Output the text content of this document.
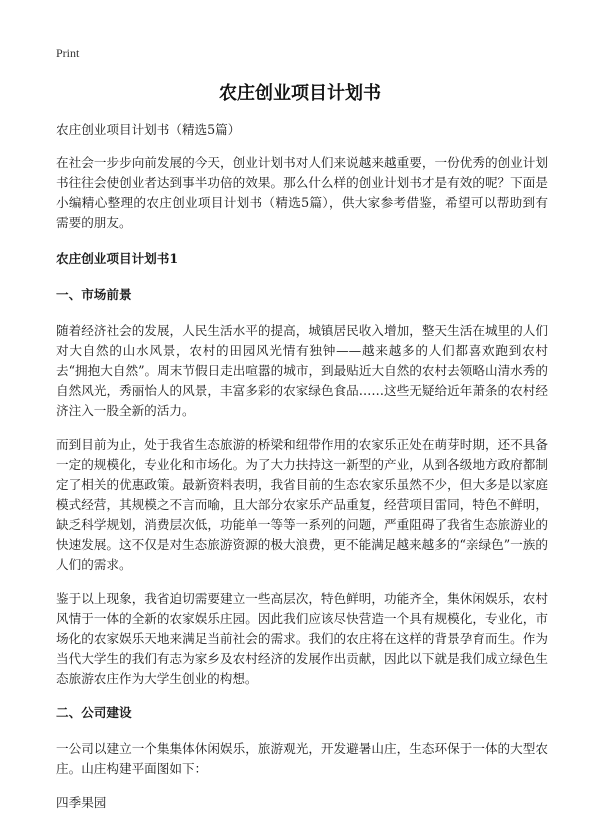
Print
农庄创业项目计划书

农庄创业项目计划书（精选5篇）

在社会一步步向前发展的今天，创业计划书对人们来说越来越重要，一份优秀的创业计划书往往会使创业者达到事半功倍的效果。那么什么样的创业计划书才是有效的呢？下面是小编精心整理的农庄创业项目计划书（精选5篇），供大家参考借鉴，希望可以帮助到有需要的朋友。

农庄创业项目计划书1

一、市场前景

随着经济社会的发展，人民生活水平的提高，城镇居民收入增加，整天生活在城里的人们对大自然的山水风景，农村的田园风光情有独钟——越来越多的人们都喜欢跑到农村去“拥抱大自然”。周末节假日走出喧嚣的城市，到最贴近大自然的农村去领略山清水秀的自然风光，秀丽怡人的风景，丰富多彩的农家绿色食品……这些无疑给近年萧条的农村经济注入一股全新的活力。

而到目前为止，处于我省生态旅游的桥梁和纽带作用的农家乐正处在萌芽时期，还不具备一定的规模化，专业化和市场化。为了大力扶持这一新型的产业，从到各级地方政府都制定了相关的优惠政策。最新资料表明，我省目前的生态农家乐虽然不少，但大多是以家庭模式经营，其规模之不言而喻，且大部分农家乐产品重复，经营项目雷同，特色不鲜明，缺乏科学规划，消费层次低，功能单一等等一系列的问题，严重阻碍了我省生态旅游业的快速发展。这不仅是对生态旅游资源的极大浪费，更不能满足越来越多的“亲绿色”一族的人们的需求。

鉴于以上现象，我省迫切需要建立一些高层次，特色鲜明，功能齐全，集休闲娱乐，农村风情于一体的全新的农家娱乐庄园。因此我们应该尽快营造一个具有规模化，专业化，市场化的农家娱乐天地来满足当前社会的需求。我们的农庄将在这样的背景孕育而生。作为当代大学生的我们有志为家乡及农村经济的发展作出贡献，因此以下就是我们成立绿色生态旅游农庄作为大学生创业的构想。

二、公司建设

一公司以建立一个集集体休闲娱乐，旅游观光，开发避暑山庄，生态环保于一体的大型农庄。山庄构建平面图如下：

四季果园
